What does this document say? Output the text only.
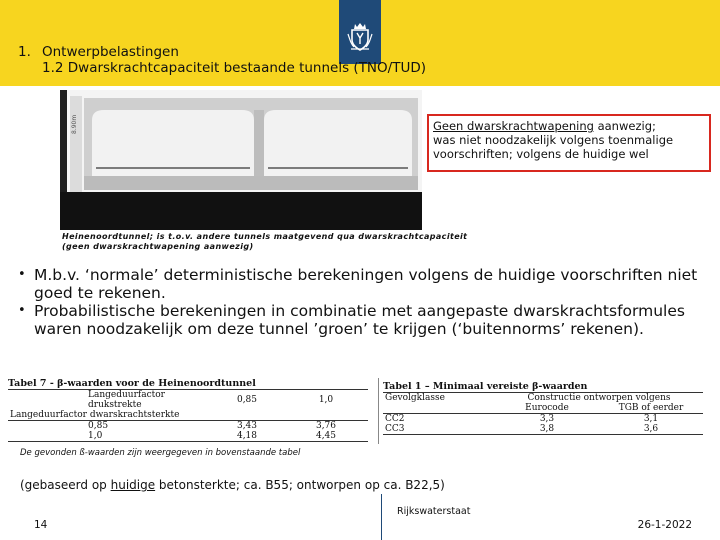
1. Ontwerpbelastingen
1.2 Dwarskrachtcapaciteit bestaande tunnels (TNO/TUD)
8.90m	Geen dwarskrachtwapening aanwezig;
was niet noodzakelijk volgens toenmalige
voorschriften; volgens de huidige wel
Heinenoordtunnel; is t.o.v. andere tunnels maatgevend qua dwarskrachtcapaciteit
(geen dwarskrachtwapening aanwezig)
• M.b.v. ‘normale’ deterministische berekeningen volgens de huidige voorschriften niet goed te rekenen.
• Probabilistische berekeningen in combinatie met aangepaste dwarskrachtsformules waren noodzakelijk om deze tunnel ’groen’ te krijgen (‘buitennorms’ rekenen).
Tabel 7 - β-waarden voor de Heinenoordtunnel
Langeduurfactor drukstrekte	0,85	1,0
Langeduurfactor dwarskrachtsterkte		
0,85	3,43	3,76
1,0	4,18	4,45
Tabel 1 – Minimaal vereiste β-waarden
Gevolgklasse	Constructie ontworpen volgens	
	Eurocode	TGB of eerder
CC2	3,3	3,1
CC3	3,8	3,6
De gevonden ß-waarden zijn weergegeven in bovenstaande tabel
(gebaseerd op huidige betonsterkte; ca. B55; ontworpen op ca. B22,5)
14
Rijkswaterstaat
26-1-2022
